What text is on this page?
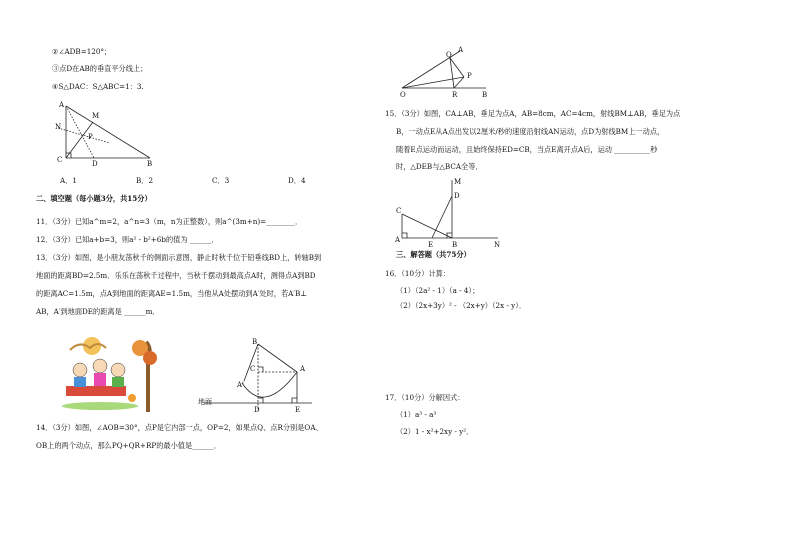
②∠ADB=120°；
③点D在AB的垂直平分线上；
④S△DAC：S△ABC=1：3.
A
M
N
P
C	D	B
A．1	B．2	C．3	D．4
二、填空题（每小题3分，共15分）
11．（3分）已知a^m=2，a^n=3（m，n为正整数），则a^(3m+n)=________．
12．（3分）已知a+b=3，则a² - b²+6b的值为 ______．
13．（3分）如图，是小朋友荡秋千的侧面示意图，静止时秋千位于铅垂线BD上，转轴B到
地面的距离BD=2.5m．乐乐在荡秋千过程中，当秋千摆动到最高点A时，测得点A到BD
的距离AC=1.5m，点A到地面的距离AE=1.5m，当他从A处摆动到A′处时，若A′B⊥
AB，A′到地面DE的距离是 ______m．
B
C
A'
A
D	E
地面
14．（3分）如图，∠AOB=30°，点P是它内部一点，OP=2，如果点Q、点R分别是OA、
OB上的两个动点，那么PQ+QR+RP的最小值是______．
A
Q
P
O	R	B
15．（3分）如图，CA⊥AB，垂足为点A，AB=8cm，AC=4cm，射线BM⊥AB，垂足为点
B，一动点E从A点出发以2厘米/秒的速度沿射线AN运动，点D为射线BM上一动点，
随着E点运动而运动，且始终保持ED=CB，当点E离开点A后，运动 __________秒
时，△DEB与△BCA全等．
M
D
C
A
E	B	N
三、解答题（共75分）
16．（10分）计算：
（1）（2a² - 1）（a - 4）；
（2）（2x+3y）² - （2x+y）（2x - y）．
17．（10分）分解因式：
（1）a³ - a³
（2）1 - x²+2xy - y²．
